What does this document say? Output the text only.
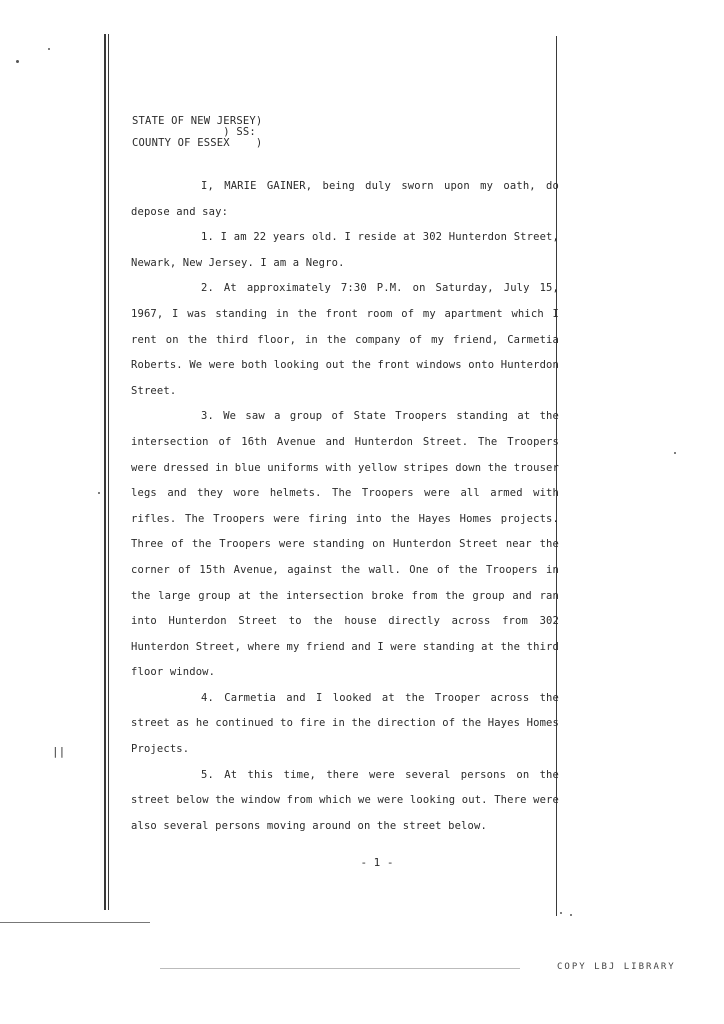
||
STATE OF NEW JERSEY)
) SS:
COUNTY OF ESSEX    )

I, MARIE GAINER, being duly sworn upon my oath, do depose and say:

1. I am 22 years old. I reside at 302 Hunterdon Street, Newark, New Jersey. I am a Negro.

2. At approximately 7:30 P.M. on Saturday, July 15, 1967, I was standing in the front room of my apartment which I rent on the third floor, in the company of my friend, Carmetia Roberts. We were both looking out the front windows onto Hunterdon Street.

3. We saw a group of State Troopers standing at the intersection of 16th Avenue and Hunterdon Street. The Troopers were dressed in blue uniforms with yellow stripes down the trouser legs and they wore helmets. The Troopers were all armed with rifles. The Troopers were firing into the Hayes Homes projects. Three of the Troopers were standing on Hunterdon Street near the corner of 15th Avenue, against the wall. One of the Troopers in the large group at the intersection broke from the group and ran into Hunterdon Street to the house directly across from 302 Hunterdon Street, where my friend and I were standing at the third floor window.

4. Carmetia and I looked at the Trooper across the street as he continued to fire in the direction of the Hayes Homes Projects.

5. At this time, there were several persons on the street below the window from which we were looking out. There were also several persons moving around on the street below.

- 1 -
COPY LBJ LIBRARY
